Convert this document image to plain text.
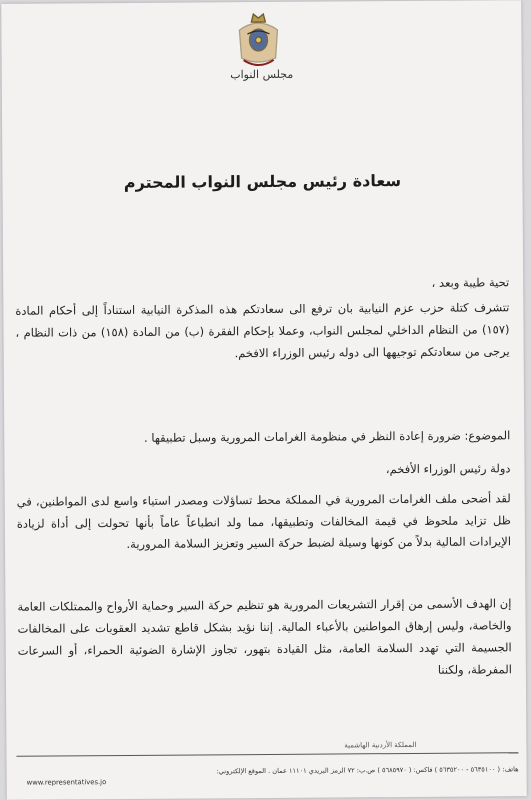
مجلس النواب
سعادة رئيس مجلس النواب المحترم
تحية طيبة وبعد ،
تتشرف كتلة حزب عزم النيابية بان ترفع الى سعادتكم هذه المذكرة النيابية استناداً إلى أحكام المادة (١٥٧) من النظام الداخلي لمجلس النواب، وعملا بإحكام الفقرة (ب) من المادة (١٥٨) من ذات النظام ، يرجى من سعادتكم توجيهها الى دوله رئيس الوزراء الافخم.
الموضوع: ضرورة إعادة النظر في منظومة الغرامات المرورية وسبل تطبيقها .
دولة رئيس الوزراء الأفخم،
لقد أضحى ملف الغرامات المرورية في المملكة محط تساؤلات ومصدر استياء واسع لدى المواطنين، في ظل تزايد ملحوظ في قيمة المخالفات وتطبيقها، مما ولد انطباعاً عاماً بأنها تحولت إلى أداة لزيادة الإيرادات المالية بدلاً من كونها وسيلة لضبط حركة السير وتعزيز السلامة المرورية.
إن الهدف الأسمى من إقرار التشريعات المرورية هو تنظيم حركة السير وحماية الأرواح والممتلكات العامة والخاصة، وليس إرهاق المواطنين بالأعباء المالية. إننا نؤيد بشكل قاطع تشديد العقوبات على المخالفات الجسيمة التي تهدد السلامة العامة، مثل القيادة بتهور، تجاوز الإشارة الضوئية الحمراء، أو السرعات المفرطة، ولكننا
المملكة الأردنية الهاشمية
هاتف: ( ٥٦٣٥١٠٠ - ٥٦٣٥٢٠٠ ) فاكس: ( ٥٦٨٥٩٧٠ ) ص.ب: ٧٢ الرمز البريدي ١١١٠١ عمان . الموقع الإلكتروني:
www.representatives.jo
